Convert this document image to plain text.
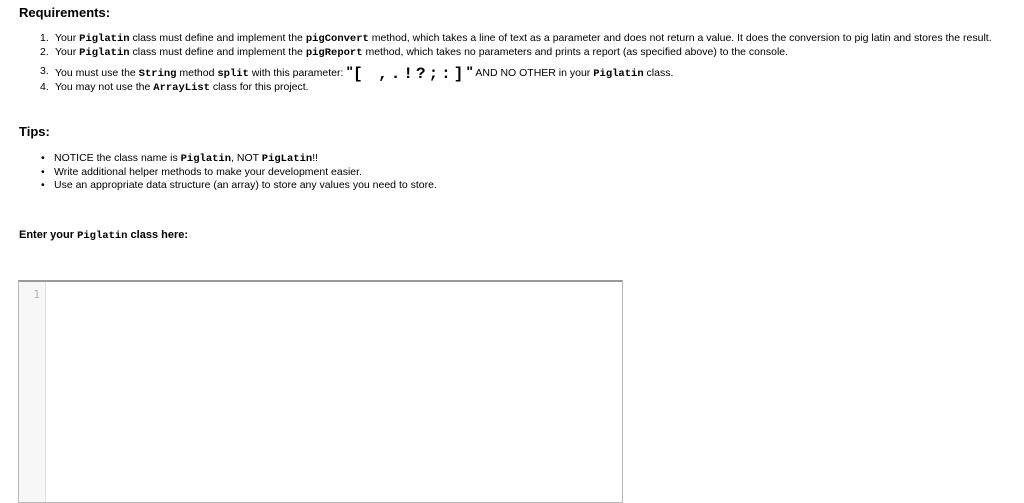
Requirements:
1. Your Piglatin class must define and implement the pigConvert method, which takes a line of text as a parameter and does not return a value. It does the conversion to pig latin and stores the result.
2. Your Piglatin class must define and implement the pigReport method, which takes no parameters and prints a report (as specified above) to the console.
3. You must use the String method split with this parameter: "[ ,.!?;:]" AND NO OTHER in your Piglatin class.
4. You may not use the ArrayList class for this project.
Tips:
• NOTICE the class name is Piglatin, NOT PigLatin!!
• Write additional helper methods to make your development easier.
• Use an appropriate data structure (an array) to store any values you need to store.
Enter your Piglatin class here:
1
